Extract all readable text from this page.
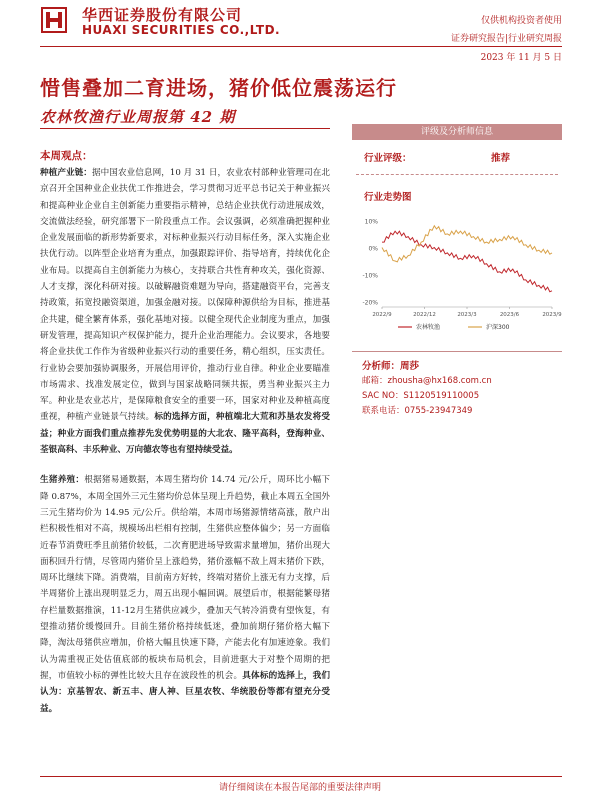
华西证券股份有限公司
HUAXI SECURITIES CO.,LTD.
仅供机构投资者使用
证券研究报告|行业研究周报
2023 年 11 月 5 日
惜售叠加二育进场，猪价低位震荡运行
农林牧渔行业周报第 42 期
本周观点：

种植产业链：据中国农业信息网，10 月 31 日，农业农村部种业管理司在北京召开全国种业企业扶优工作推进会，学习贯彻习近平总书记关于种业振兴和提高种业企业自主创新能力重要指示精神，总结企业扶优行动进展成效，交流做法经验，研究部署下一阶段重点工作。会议强调，必须准确把握种业企业发展面临的新形势新要求，对标种业振兴行动目标任务，深入实施企业扶优行动。以阵型企业培育为重点，加强跟踪评价、指导培育，持续优化企业布局。以提高自主创新能力为核心，支持联合共性育种攻关，强化资源、人才支撑，深化科研对接。以破解融资难题为导向，搭建融资平台，完善支持政策，拓宽投融资渠道，加强金融对接。以保障种源供给为目标，推进基企共建，健全繁育体系，强化基地对接。以健全现代企业制度为重点，加强研发管理，提高知识产权保护能力，提升企业治理能力。会议要求，各地要将企业扶优工作作为省级种业振兴行动的重要任务，精心组织，压实责任。行业协会要加强协调服务，开展信用评价，推动行业自律。种业企业要瞄准市场需求、找准发展定位，做到与国家战略同频共振，勇当种业振兴主力军。种业是农业芯片，是保障粮食安全的重要一环，国家对种业及种植高度重视，种植产业链景气持续。标的选择方面，种植端北大荒和苏垦农发将受益；种业方面我们重点推荐先发优势明显的大北农、隆平高科，登海种业、荃银高科、丰乐种业、万向德农等也有望持续受益。

生猪养殖：根据猪易通数据，本周生猪均价 14.74 元/公斤，周环比小幅下降 0.87%，本周全国外三元生猪均价总体呈现上升趋势，截止本周五全国外三元生猪均价为 14.95 元/公斤。供给端，本周市场猪源情绪高涨，散户出栏积极性相对不高，规模场出栏相有控制，生猪供应整体偏少；另一方面临近春节消费旺季且前猪价较低，二次育肥进场导致需求量增加，猪价出现大面积回升行情，尽管周内猪价呈上涨趋势，猪价涨幅不敌上周末猪价下跌，周环比继续下降。消费端，目前南方好转，终端对猪价上涨无有力支撑，后半周猪价上涨出现明显乏力，周五出现小幅回调。展望后市，根据能繁母猪存栏量数据推演，11-12月生猪供应减少，叠加天气转冷消费有望恢复，有望推动猪价缓慢回升。目前生猪价格持续低迷，叠加前期仔猪价格大幅下降，淘汰母猪供应增加，价格大幅且快速下降，产能去化有加速迹象。我们认为需重视正处估值底部的板块布局机会，目前进驱大于对整个周期的把握，市值较小标的弹性比较大且存在波段性的机会。具体标的选择上，我们认为：京基智农、新五丰、唐人神、巨星农牧、华统股份等都有望充分受益。

评级及分析师信息
行业评级：	推荐
行业走势图
10%
0%
-10%
-20%
2022/9	2022/12	2023/3	2023/6	2023/9
农林牧渔	沪深300
分析师：周莎
邮箱：zhousha@hx168.com.cn
SAC NO：S1120519110005
联系电话：0755-23947349
请仔细阅读在本报告尾部的重要法律声明
